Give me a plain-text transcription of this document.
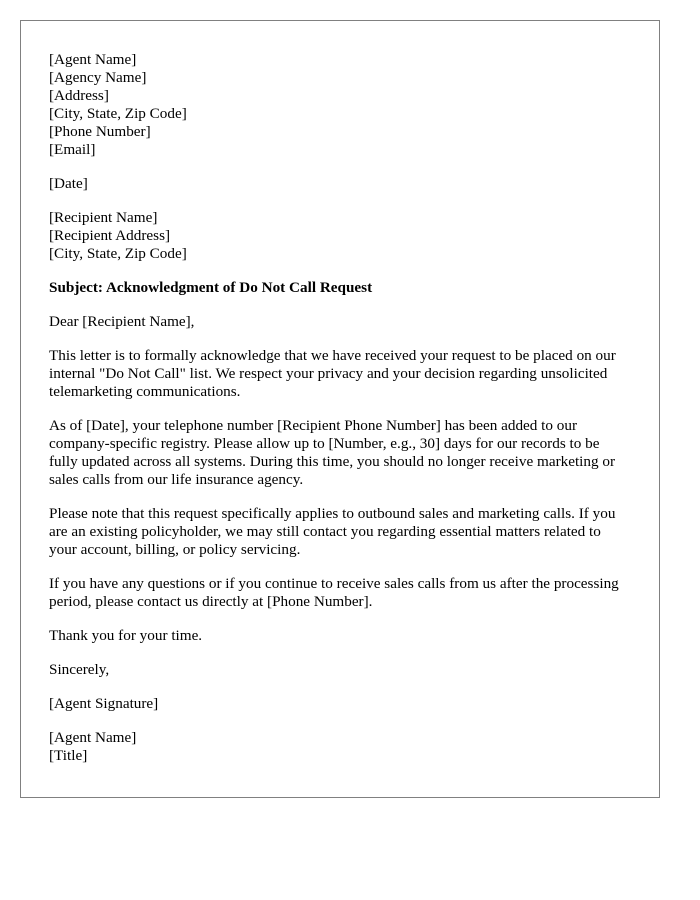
[Agent Name]
[Agency Name]
[Address]
[City, State, Zip Code]
[Phone Number]
[Email]
[Date]
[Recipient Name]
[Recipient Address]
[City, State, Zip Code]
Subject: Acknowledgment of Do Not Call Request
Dear [Recipient Name],

This letter is to formally acknowledge that we have received your request to be placed on our internal "Do Not Call" list. We respect your privacy and your decision regarding unsolicited telemarketing communications.

As of [Date], your telephone number [Recipient Phone Number] has been added to our company-specific registry. Please allow up to [Number, e.g., 30] days for our records to be fully updated across all systems. During this time, you should no longer receive marketing or sales calls from our life insurance agency.

Please note that this request specifically applies to outbound sales and marketing calls. If you are an existing policyholder, we may still contact you regarding essential matters related to your account, billing, or policy servicing.

If you have any questions or if you continue to receive sales calls from us after the processing period, please contact us directly at [Phone Number].

Thank you for your time.
Sincerely,
[Agent Signature]
[Agent Name]
[Title]
